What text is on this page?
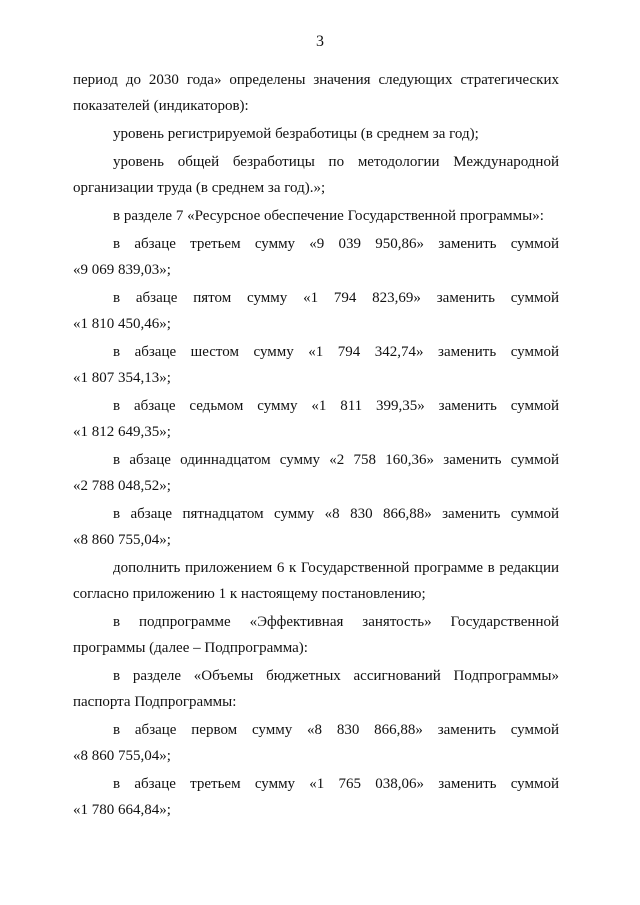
3

период до 2030 года» определены значения следующих стратегических
показателей (индикаторов):

уровень регистрируемой безработицы (в среднем за год);

уровень общей безработицы по методологии Международной
организации труда (в среднем за год).»;

в разделе 7 «Ресурсное обеспечение Государственной программы»:

в абзаце третьем сумму «9 039 950,86» заменить суммой
«9 069 839,03»;

в абзаце пятом сумму «1 794 823,69» заменить суммой
«1 810 450,46»;

в абзаце шестом сумму «1 794 342,74» заменить суммой
«1 807 354,13»;

в абзаце седьмом сумму «1 811 399,35» заменить суммой
«1 812 649,35»;

в абзаце одиннадцатом сумму «2 758 160,36» заменить суммой
«2 788 048,52»;

в абзаце пятнадцатом сумму «8 830 866,88» заменить суммой
«8 860 755,04»;

дополнить приложением 6 к Государственной программе в редакции
согласно приложению 1 к настоящему постановлению;

в подпрограмме «Эффективная занятость» Государственной
программы (далее – Подпрограмма):

в разделе «Объемы бюджетных ассигнований Подпрограммы»
паспорта Подпрограммы:

в абзаце первом сумму «8 830 866,88» заменить суммой
«8 860 755,04»;

в абзаце третьем сумму «1 765 038,06» заменить суммой
«1 780 664,84»;
